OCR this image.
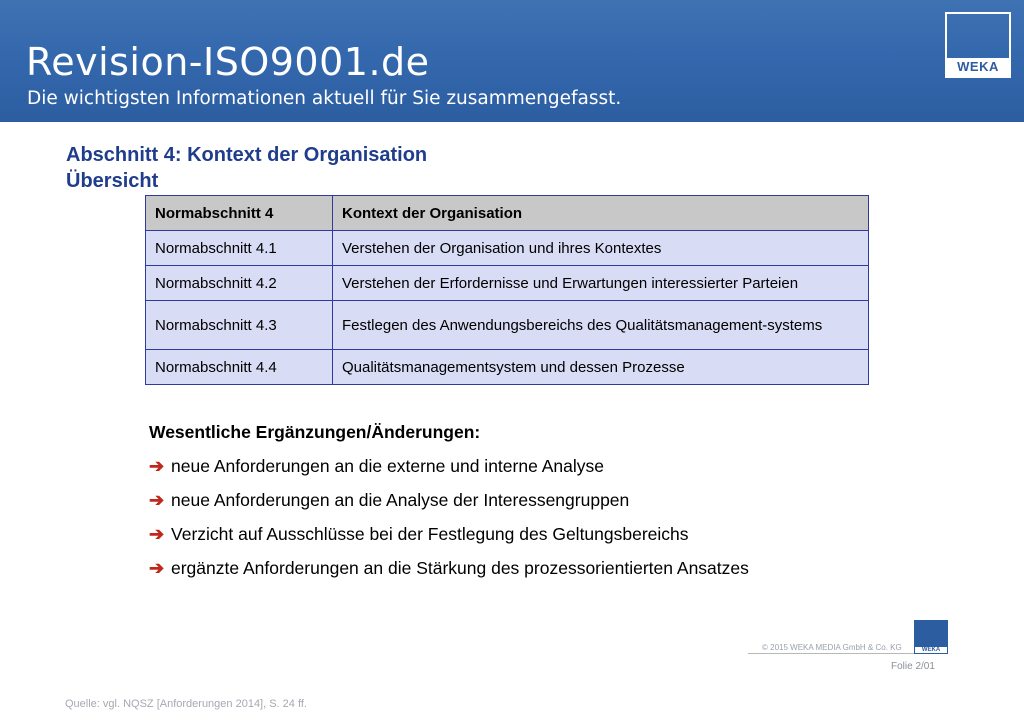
Revision-ISO9001.de
Die wichtigsten Informationen aktuell für Sie zusammengefasst.
WEKA
Abschnitt 4: Kontext der Organisation
Übersicht
Normabschnitt 4	Kontext der Organisation
Normabschnitt 4.1	Verstehen der Organisation und ihres Kontextes
Normabschnitt 4.2	Verstehen der Erfordernisse und Erwartungen interessierter Parteien
Normabschnitt 4.3	Festlegen des Anwendungsbereichs des Qualitätsmanagement-systems
Normabschnitt 4.4	Qualitätsmanagementsystem und dessen Prozesse
Wesentliche Ergänzungen/Änderungen:
➔ neue Anforderungen an die externe und interne Analyse
➔ neue Anforderungen an die Analyse der Interessengruppen
➔ Verzicht auf Ausschlüsse bei der Festlegung des Geltungsbereichs
➔ ergänzte Anforderungen an die Stärkung des prozessorientierten Ansatzes
© 2015 WEKA MEDIA GmbH & Co. KG	WEKA
Folie 2/01
Quelle: vgl. NQSZ [Anforderungen 2014], S. 24 ff.
